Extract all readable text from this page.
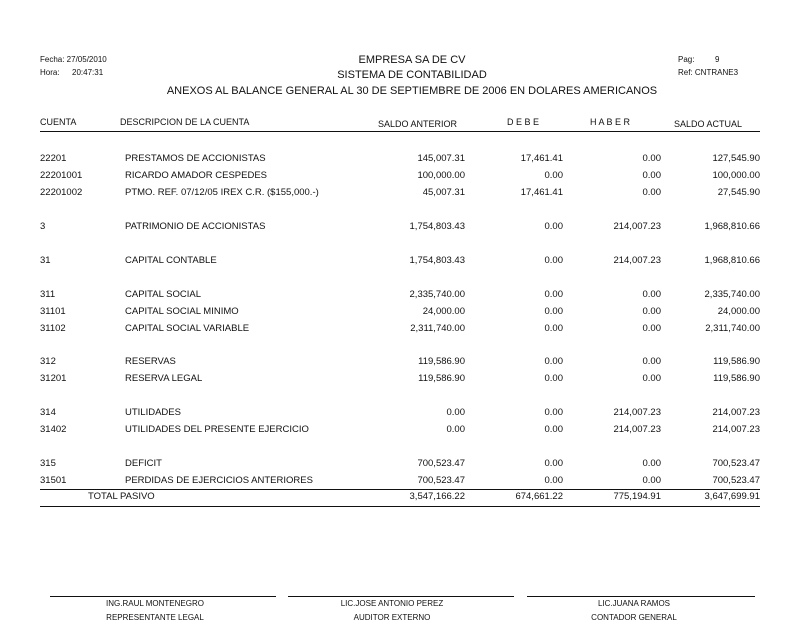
Fecha: 27/05/2010
Hora: 20:47:31
EMPRESA SA DE CV
SISTEMA DE CONTABILIDAD
ANEXOS AL BALANCE GENERAL AL 30 DE SEPTIEMBRE DE 2006 EN DOLARES AMERICANOS
Pag:	9
Ref: CNTRANE3
CUENTA	DESCRIPCION DE LA CUENTA	SALDO ANTERIOR	D E B E	H A B E R	SALDO ACTUAL
22201	PRESTAMOS DE ACCIONISTAS	145,007.31	17,461.41	0.00	127,545.90
22201001	RICARDO AMADOR CESPEDES	100,000.00	0.00	0.00	100,000.00
22201002	PTMO. REF. 07/12/05 IREX C.R. ($155,000.-)	45,007.31	17,461.41	0.00	27,545.90
3	PATRIMONIO DE ACCIONISTAS	1,754,803.43	0.00	214,007.23	1,968,810.66
31	CAPITAL CONTABLE	1,754,803.43	0.00	214,007.23	1,968,810.66
311	CAPITAL SOCIAL	2,335,740.00	0.00	0.00	2,335,740.00
31101	CAPITAL SOCIAL MINIMO	24,000.00	0.00	0.00	24,000.00
31102	CAPITAL SOCIAL VARIABLE	2,311,740.00	0.00	0.00	2,311,740.00
312	RESERVAS	119,586.90	0.00	0.00	119,586.90
31201	RESERVA LEGAL	119,586.90	0.00	0.00	119,586.90
314	UTILIDADES	0.00	0.00	214,007.23	214,007.23
31402	UTILIDADES DEL PRESENTE EJERCICIO	0.00	0.00	214,007.23	214,007.23
315	DEFICIT	700,523.47	0.00	0.00	700,523.47
31501	PERDIDAS DE EJERCICIOS ANTERIORES	700,523.47	0.00	0.00	700,523.47
TOTAL PASIVO	3,547,166.22	674,661.22	775,194.91	3,647,699.91
ING.RAUL MONTENEGRO
REPRESENTANTE LEGAL
LIC.JOSE ANTONIO PEREZ
AUDITOR EXTERNO
LIC.JUANA RAMOS
CONTADOR GENERAL
